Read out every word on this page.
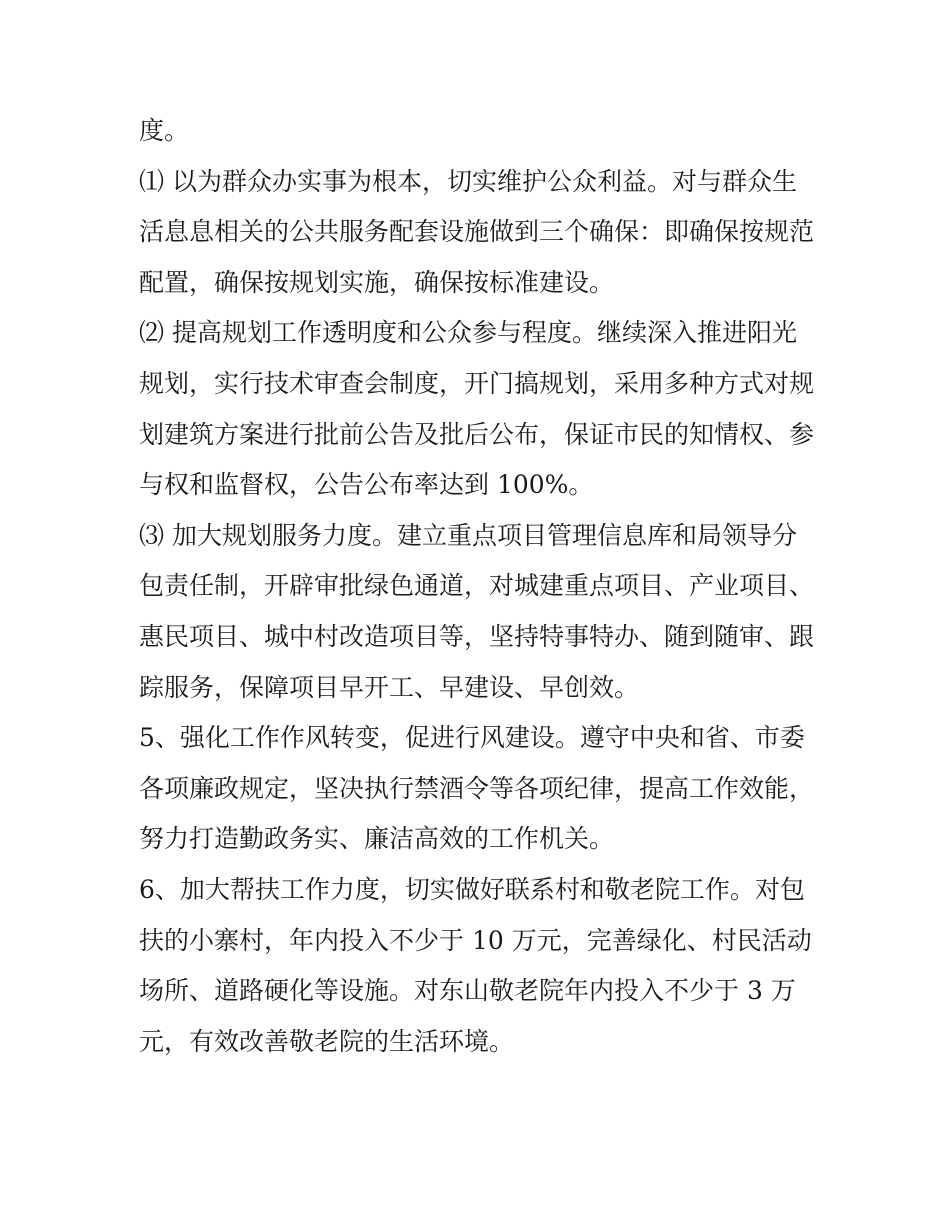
度。

⑴ 以为群众办实事为根本，切实维护公众利益。对与群众生
活息息相关的公共服务配套设施做到三个确保：即确保按规范
配置，确保按规划实施，确保按标准建设。

⑵ 提高规划工作透明度和公众参与程度。继续深入推进阳光
规划，实行技术审查会制度，开门搞规划，采用多种方式对规
划建筑方案进行批前公告及批后公布，保证市民的知情权、参
与权和监督权，公告公布率达到 100%。

⑶ 加大规划服务力度。建立重点项目管理信息库和局领导分
包责任制，开辟审批绿色通道，对城建重点项目、产业项目、
惠民项目、城中村改造项目等，坚持特事特办、随到随审、跟
踪服务，保障项目早开工、早建设、早创效。

5、强化工作作风转变，促进行风建设。遵守中央和省、市委
各项廉政规定，坚决执行禁酒令等各项纪律，提高工作效能，
努力打造勤政务实、廉洁高效的工作机关。

6、加大帮扶工作力度，切实做好联系村和敬老院工作。对包
扶的小寨村，年内投入不少于 10 万元，完善绿化、村民活动
场所、道路硬化等设施。对东山敬老院年内投入不少于 3 万
元，有效改善敬老院的生活环境。
